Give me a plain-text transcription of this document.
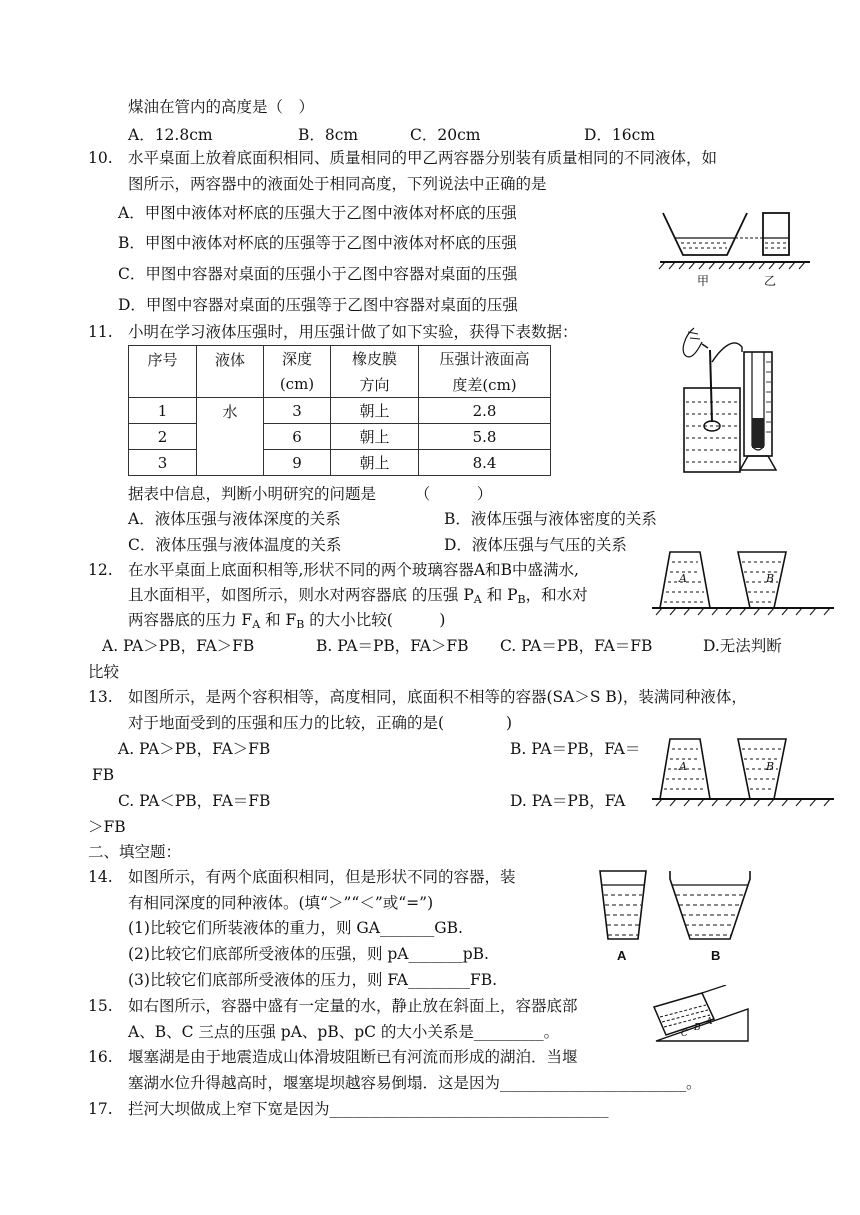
煤油在管内的高度是（　）
A．12.8cm	B．8cm	C．20cm	D．16cm
10. 水平桌面上放着底面积相同、质量相同的甲乙两容器分别装有质量相同的不同液体，如
图所示，两容器中的液面处于相同高度，下列说法中正确的是
A．甲图中液体对杯底的压强大于乙图中液体对杯底的压强
B．甲图中液体对杯底的压强等于乙图中液体对杯底的压强
C．甲图中容器对桌面的压强小于乙图中容器对桌面的压强
D．甲图中容器对桌面的压强等于乙图中容器对桌面的压强
甲	乙
11. 小明在学习液体压强时，用压强计做了如下实验，获得下表数据：
序号	液体	深度	橡皮膜	压强计液面高
		(cm)	方向	度差(cm)
1	水	3	朝上	2.8
2		6	朝上	5.8
3		9	朝上	8.4
据表中信息，判断小明研究的问题是　　　（　　　）
A．液体压强与液体深度的关系	B．液体压强与液体密度的关系
C．液体压强与液体温度的关系	D．液体压强与气压的关系
12. 在水平桌面上底面积相等,形状不同的两个玻璃容器A和B中盛满水,
且水面相平，如图所示，则水对两容器底 的压强 $P_A$ 和 $P_B$，和水对
两容器底的压力 $F_A$ 和 $F_B$ 的大小比较(　　　)
A. PA＞PB，FA＞FB	B. PA＝PB，FA＞FB C. PA＝PB，FA＝FB	D.无法判断
比较
A	B
13. 如图所示，是两个容积相等，高度相同，底面积不相等的容器(SA＞S B)，装满同种液体，
对于地面受到的压强和压力的比较，正确的是(　　　　)
A. PA＞PB，FA＞FB	B. PA＝PB，FA＝
FB
C. PA＜PB，FA＝FB	D. PA＝PB，FA
＞FB
A	B
二、填空题：
14. 如图所示，有两个底面积相同，但是形状不同的容器，装
有相同深度的同种液体。(填“＞”“＜”或“=”)
(1)比较它们所装液体的重力，则 GA_______GB.
(2)比较它们底部所受液体的压强，则 pA_______pB.
(3)比较它们底部所受液体的压力，则 FA________FB.
A	B
15. 如右图所示，容器中盛有一定量的水，静止放在斜面上，容器底部
A、B、C 三点的压强 pA、pB、pC 的大小关系是_________。
A
B
C
16. 堰塞湖是由于地震造成山体滑坡阻断已有河流而形成的湖泊．当堰
塞湖水位升得越高时，堰塞堤坝越容易倒塌．这是因为________________________。
17. 拦河大坝做成上窄下宽是因为____________________________________
